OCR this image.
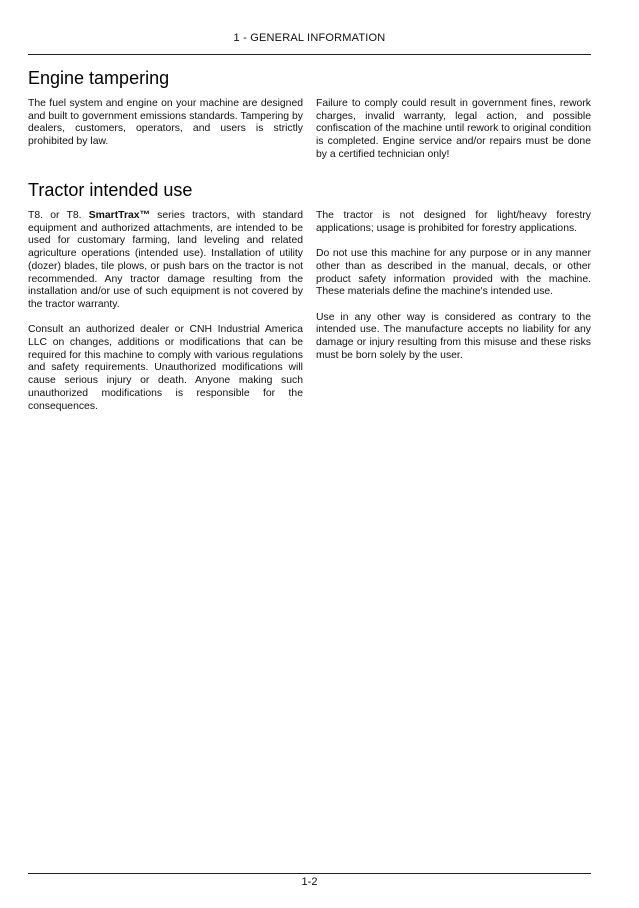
1 - GENERAL INFORMATION
Engine tampering

The fuel system and engine on your machine are designed and built to government emissions standards. Tampering by dealers, customers, operators, and users is strictly prohibited by law.

Failure to comply could result in government fines, rework charges, invalid warranty, legal action, and possible confiscation of the machine until rework to original condition is completed. Engine service and/or repairs must be done by a certified technician only!

Tractor intended use

T8. or T8. SmartTrax™ series tractors, with standard equipment and authorized attachments, are intended to be used for customary farming, land leveling and related agriculture operations (intended use). Installation of utility (dozer) blades, tile plows, or push bars on the tractor is not recommended. Any tractor damage resulting from the installation and/or use of such equipment is not covered by the tractor warranty.

Consult an authorized dealer or CNH Industrial America LLC on changes, additions or modifications that can be required for this machine to comply with various regulations and safety requirements. Unauthorized modifications will cause serious injury or death. Anyone making such unauthorized modifications is responsible for the consequences.

The tractor is not designed for light/heavy forestry applications; usage is prohibited for forestry applications.

Do not use this machine for any purpose or in any manner other than as described in the manual, decals, or other product safety information provided with the machine. These materials define the machine's intended use.

Use in any other way is considered as contrary to the intended use. The manufacture accepts no liability for any damage or injury resulting from this misuse and these risks must be born solely by the user.

1-2
